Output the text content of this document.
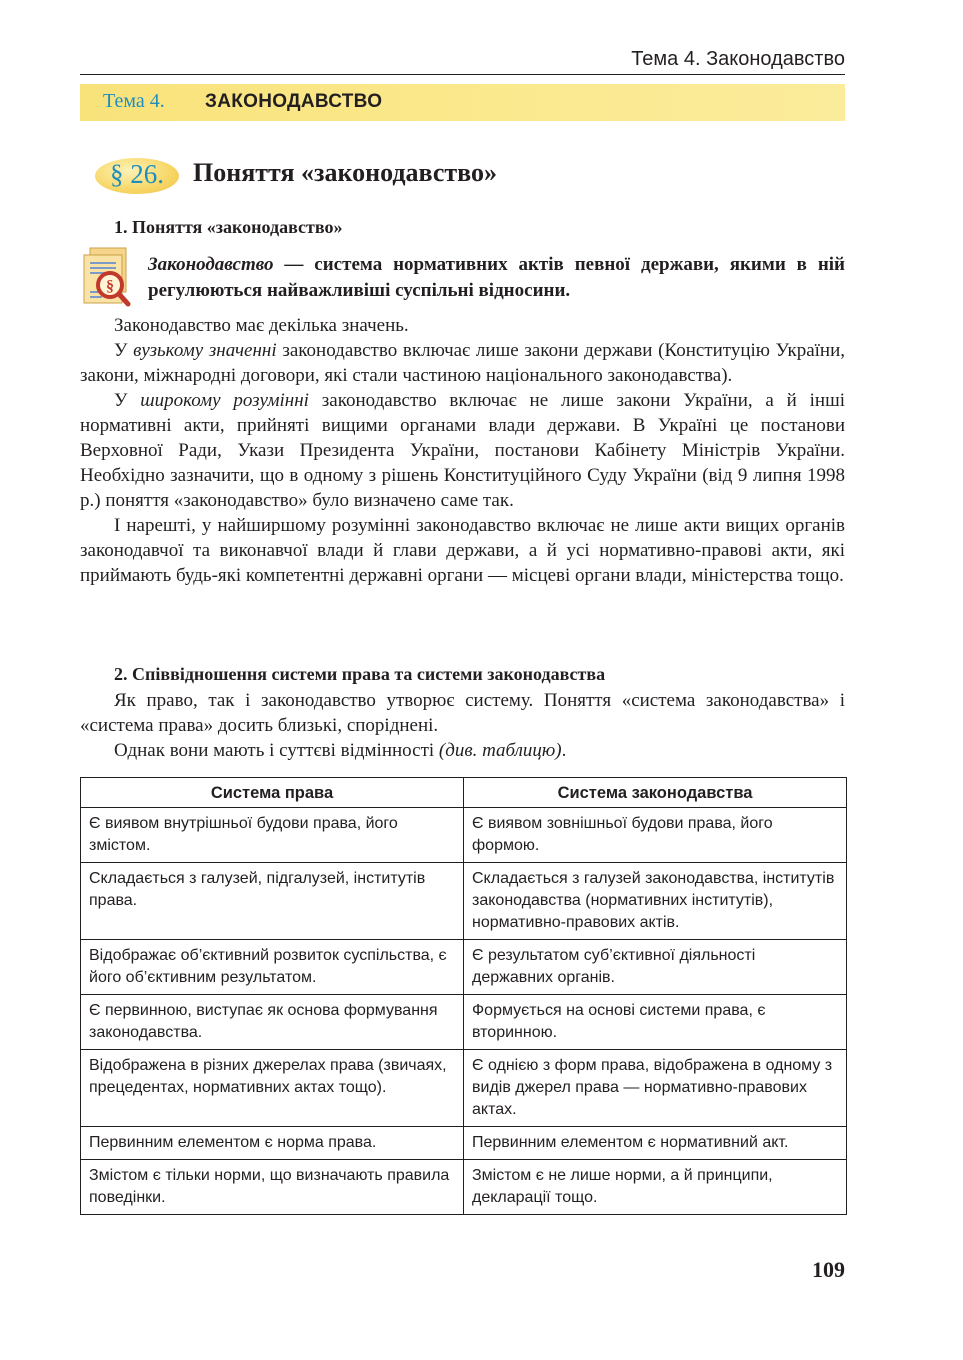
Тема 4. Законодавство
Тема 4. ЗАКОНОДАВСТВО
§ 26.	Поняття «законодавство»
1. Поняття «законодавство»
§
Законодавство — система нормативних актів певної держави, якими в ній регулюються найважливіші суспільні відносини.

Законодавство має декілька значень.

У вузькому значенні законодавство включає лише закони держави (Конституцію України, закони, міжнародні договори, які стали частиною національного законодавства).

У широкому розумінні законодавство включає не лише закони України, а й інші нормативні акти, прийняті вищими органами влади держави. В Україні це постанови Верховної Ради, Укази Президента України, постанови Кабінету Міністрів України. Необхідно зазначити, що в одному з рішень Конституційного Суду України (від 9 липня 1998 р.) поняття «законодавство» було визначено саме так.

І нарешті, у найширшому розумінні законодавство включає не лише акти вищих органів законодавчої та виконавчої влади й глави держави, а й усі нормативно-правові акти, які приймають будь-які компетентні державні органи — місцеві органи влади, міністерства тощо.

2. Співвідношення системи права та системи законодавства

Як право, так і законодавство утворює систему. Поняття «система законодавства» і «система права» досить близькі, споріднені.

Однак вони мають і суттєві відмінності (див. таблицю).

Система права	Система законодавства
Є виявом внутрішньої будови права, його змістом.	Є виявом зовнішньої будови права, його формою.
Складається з галузей, підгалузей, інститутів права.	Складається з галузей законодавства, інститутів законодавства (нормативних інститутів), нормативно-правових актів.
Відображає об’єктивний розвиток суспільства, є його об’єктивним результатом.	Є результатом суб’єктивної діяльності державних органів.
Є первинною, виступає як основа формування законодавства.	Формується на основі системи права, є вторинною.
Відображена в різних джерелах права (звичаях, прецедентах, нормативних актах тощо).	Є однією з форм права, відображена в одному з видів джерел права — нормативно-правових актах.
Первинним елементом є норма права.	Первинним елементом є нормативний акт.
Змістом є тільки норми, що визначають правила поведінки.	Змістом є не лише норми, а й принципи, декларації тощо.
109
